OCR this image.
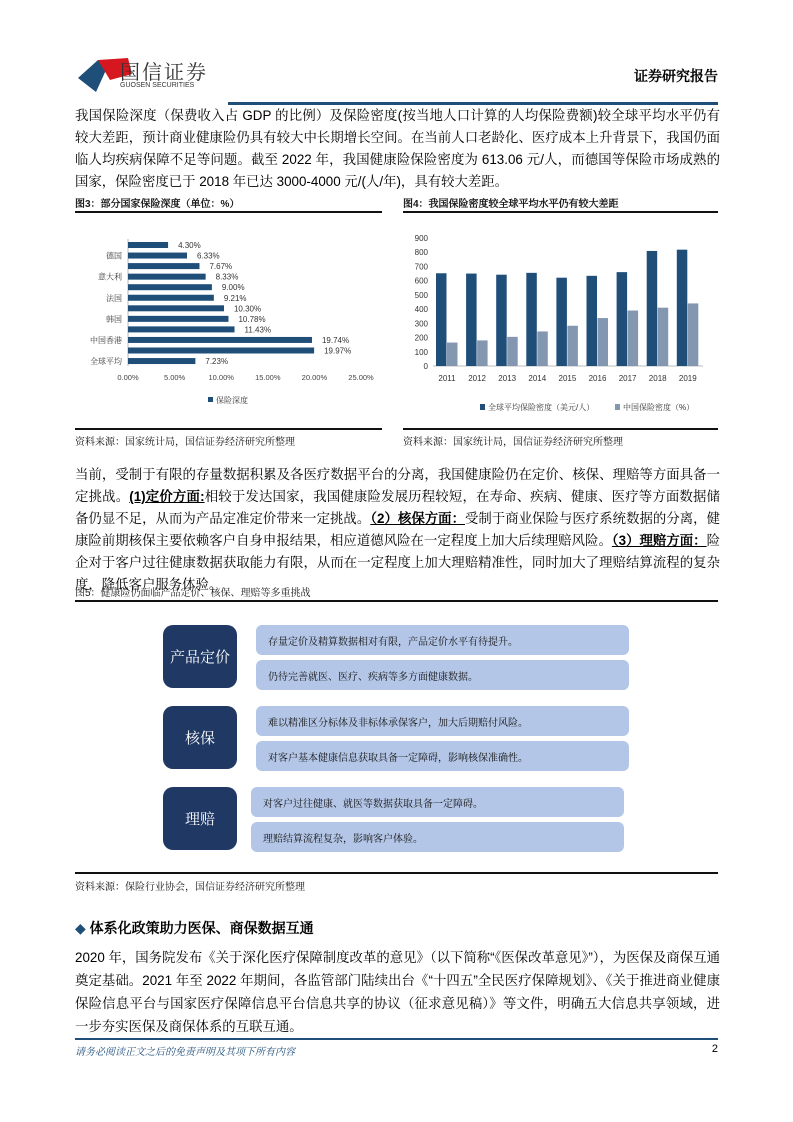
国信证券
GUOSEN SECURITIES
证券研究报告
我国保险深度（保费收入占 GDP 的比例）及保险密度(按当地人口计算的人均保险费额)较全球平均水平仍有较大差距，预计商业健康险仍具有较大中长期增长空间。在当前人口老龄化、医疗成本上升背景下，我国仍面临人均疾病保障不足等问题。截至 2022 年，我国健康险保险密度为 613.06 元/人，而德国等保险市场成熟的国家，保险密度已于 2018 年已达 3000-4000 元/(人/年)，具有较大差距。
图3：部分国家保险深度（单位：%）
4.30%
6.33%
德国
7.67%
8.33%
意大利
9.00%
9.21%
法国
10.30%
10.78%
韩国
11.43%
19.74%
中国香港
19.97%
7.23%
全球平均
0.00%	5.00%	10.00%	15.00%	20.00%	25.00%
保险深度
资料来源：国家统计局，国信证券经济研究所整理
图4：我国保险密度较全球平均水平仍有较大差距
0
100
200
300
400
500
600
700
800
900
2011 2012 2013 2014 2015 2016 2017 2018 2019
全球平均保险密度（美元/人）	中国保险密度（%）
资料来源：国家统计局，国信证券经济研究所整理
当前，受制于有限的存量数据积累及各医疗数据平台的分离，我国健康险仍在定价、核保、理赔等方面具备一定挑战。(1)定价方面:相较于发达国家，我国健康险发展历程较短，在寿命、疾病、健康、医疗等方面数据储备仍显不足，从而为产品定准定价带来一定挑战。（2）核保方面：受制于商业保险与医疗系统数据的分离，健康险前期核保主要依赖客户自身申报结果，相应道德风险在一定程度上加大后续理赔风险。（3）理赔方面：险企对于客户过往健康数据获取能力有限，从而在一定程度上加大理赔精准性，同时加大了理赔结算流程的复杂度，降低客户服务体验。
图5：健康险仍面临产品定价、核保、理赔等多重挑战
产品定价
存量定价及精算数据相对有限，产品定价水平有待提升。
仍待完善就医、医疗、疾病等多方面健康数据。
核保
难以精准区分标体及非标体承保客户，加大后期赔付风险。
对客户基本健康信息获取具备一定障碍，影响核保准确性。
理赔
对客户过往健康、就医等数据获取具备一定障碍。
理赔结算流程复杂，影响客户体验。
资料来源：保险行业协会，国信证券经济研究所整理
◆ 体系化政策助力医保、商保数据互通
2020 年，国务院发布《关于深化医疗保障制度改革的意见》（以下简称“《医保改革意见》”），为医保及商保互通奠定基础。2021 年至 2022 年期间，各监管部门陆续出台《“十四五”全民医疗保障规划》、《关于推进商业健康保险信息平台与国家医疗保障信息平台信息共享的协议（征求意见稿）》等文件，明确五大信息共享领域，进一步夯实医保及商保体系的互联互通。
请务必阅读正文之后的免责声明及其项下所有内容	2
